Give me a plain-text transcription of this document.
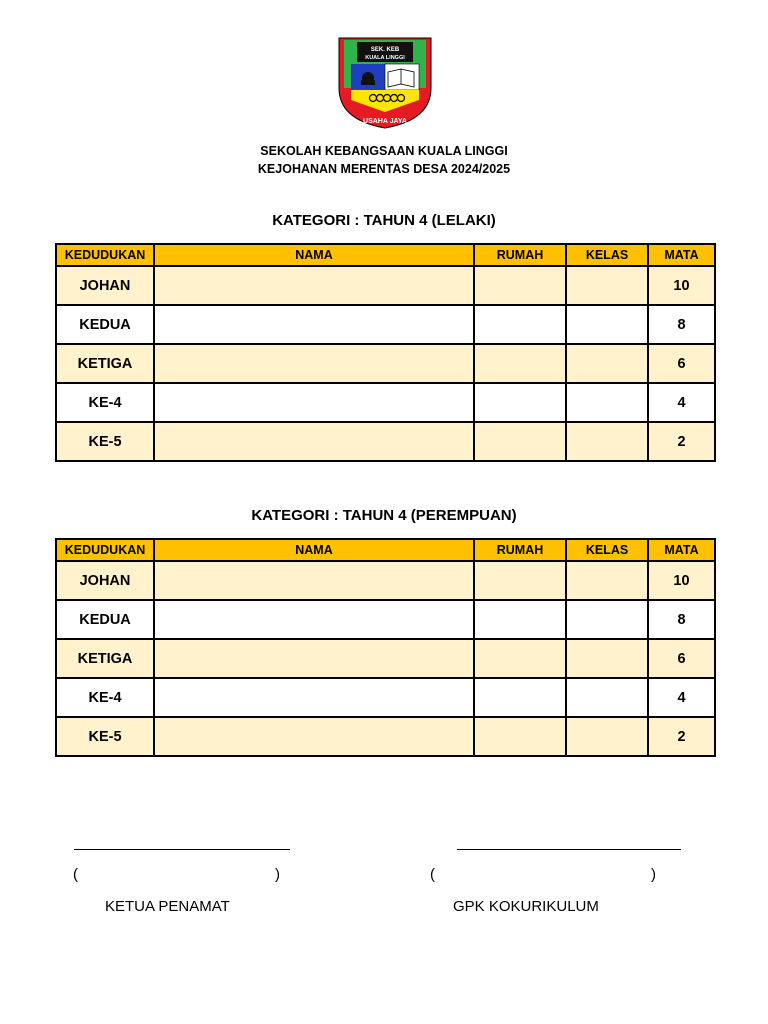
SEK. KEB
KUALA LINGGI
USAHA JAYA
SEKOLAH KEBANGSAAN KUALA LINGGI
KEJOHANAN MERENTAS DESA 2024/2025
KATEGORI : TAHUN 4 (LELAKI)
KEDUDUKAN	NAMA	RUMAH	KELAS	MATA
JOHAN				10
KEDUA				8
KETIGA				6
KE-4				4
KE-5				2
KATEGORI : TAHUN 4 (PEREMPUAN)
KEDUDUKAN	NAMA	RUMAH	KELAS	MATA
JOHAN				10
KEDUA				8
KETIGA				6
KE-4				4
KE-5				2
(	)	(	)
KETUA PENAMAT	GPK KOKURIKULUM
